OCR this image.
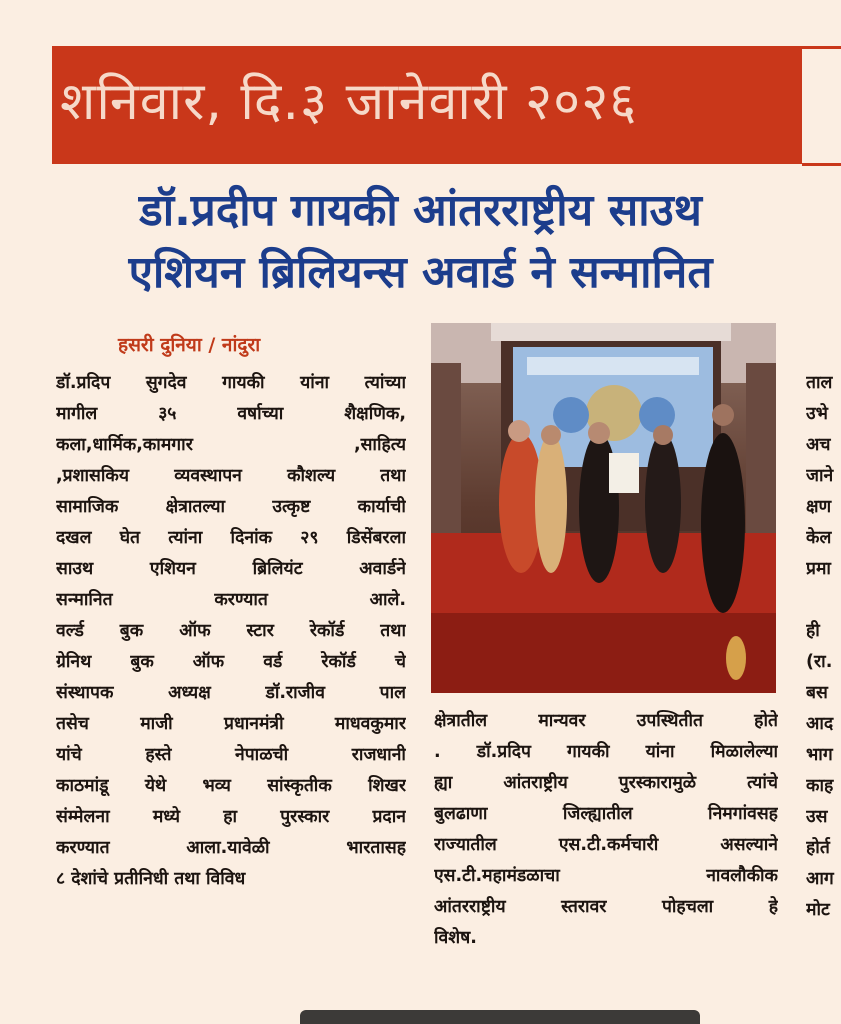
शनिवार, दि.३ जानेवारी २०२६
डॉ.प्रदीप गायकी आंतरराष्ट्रीय साउथ
एशियन ब्रिलियन्स अवार्ड ने सन्मानित
हसरी दुनिया / नांदुरा
डॉ.प्रदिप सुगदेव गायकी यांना त्यांच्या
मागील	३५	वर्षाच्या	शैक्षणिक,
कला,धार्मिक,कामगार	,साहित्य
,प्रशासकिय	व्यवस्थापन	कौशल्य	तथा
सामाजिक	क्षेत्रातल्या	उत्कृष्ट	कार्याची
दखल घेत त्यांना दिनांक २९ डिसेंबरला
साउथ	एशियन	ब्रिलियंट	अवार्डने
सन्मानित	करण्यात	आले.
वर्ल्ड बुक ऑफ स्टार रेकॉर्ड तथा
ग्रेनिथ बुक ऑफ वर्ड रेकॉर्ड चे
संस्थापक	अध्यक्ष	डॉ.राजीव	पाल
तसेच	माजी	प्रधानमंत्री	माधवकुमार
यांचे	हस्ते	नेपाळची	राजधानी
काठमांडू येथे भव्य सांस्कृतीक शिखर
संम्मेलना मध्ये हा पुरस्कार प्रदान
करण्यात	आला.यावेळी	भारतासह
८ देशांचे प्रतीनिधी तथा विविध
क्षेत्रातील	मान्यवर	उपस्थितीत	होते
. डॉ.प्रदिप गायकी यांना मिळालेल्या
ह्या	आंतराष्ट्रीय	पुरस्कारामुळे	त्यांचे
बुलढाणा	जिल्ह्यातील	निमगांवसह
राज्यातील	एस.टी.कर्मचारी	असल्याने
एस.टी.महामंडळाचा	नावलौकीक
आंतरराष्ट्रीय	स्तरावर	पोहचला	हे
विशेष.
ताल
उभे
अच
जाने
क्षण
केल
प्रमा
ही
(रा.
बस
आद
भाग
काह
उस
होर्त
आग
मोट
